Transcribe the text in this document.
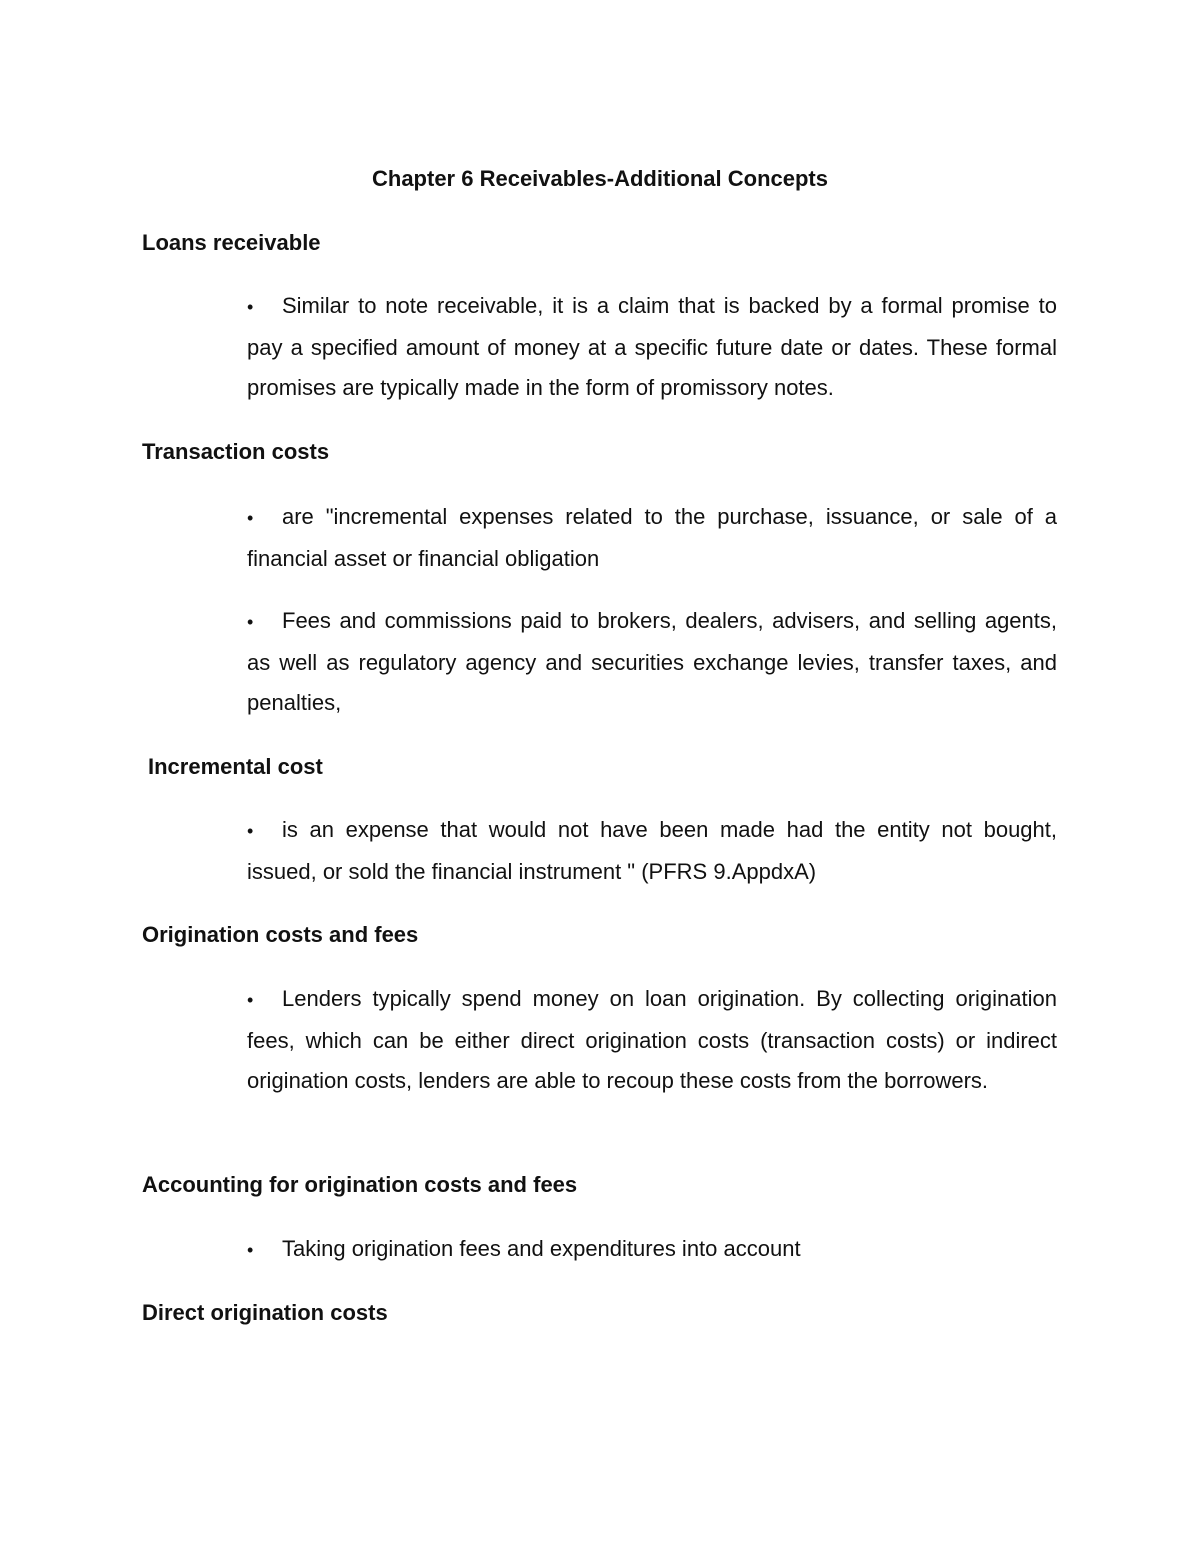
Chapter 6 Receivables-Additional Concepts
Loans receivable
• Similar to note receivable, it is a claim that is backed by a formal promise to pay a specified amount of money at a specific future date or dates. These formal promises are typically made in the form of promissory notes.
Transaction costs
• are "incremental expenses related to the purchase, issuance, or sale of a financial asset or financial obligation
• Fees and commissions paid to brokers, dealers, advisers, and selling agents, as well as regulatory agency and securities exchange levies, transfer taxes, and penalties,
Incremental cost
• is an expense that would not have been made had the entity not bought, issued, or sold the financial instrument " (PFRS 9.AppdxA)
Origination costs and fees
• Lenders typically spend money on loan origination. By collecting origination fees, which can be either direct origination costs (transaction costs) or indirect origination costs, lenders are able to recoup these costs from the borrowers.
Accounting for origination costs and fees
• Taking origination fees and expenditures into account
Direct origination costs
